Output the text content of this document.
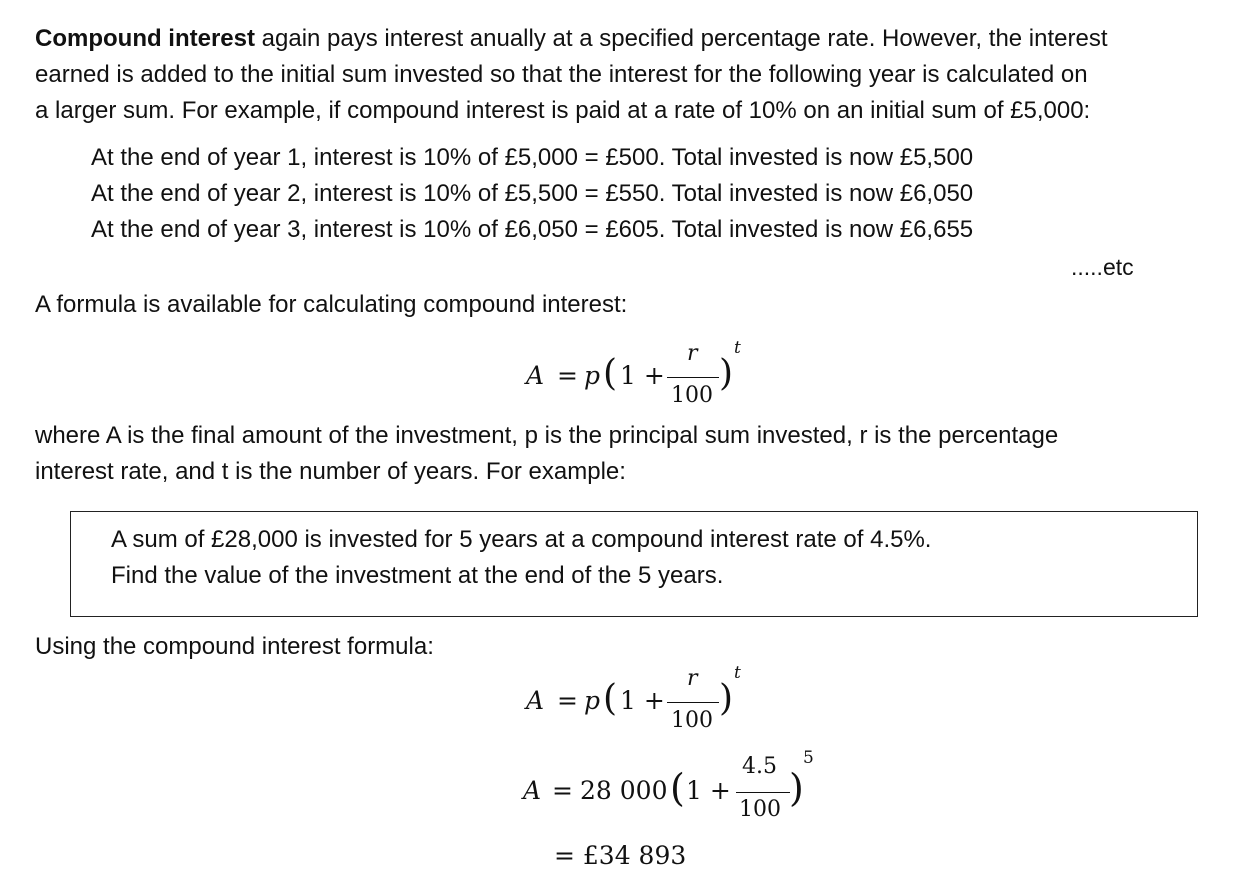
Compound interest again pays interest anually at a specified percentage rate. However, the interest
earned is added to the initial sum invested so that the interest for the following year is calculated on
a larger sum. For example, if compound interest is paid at a rate of 10% on an initial sum of £5,000:
At the end of year 1, interest is 10% of £5,000 = £500. Total invested is now £5,500
At the end of year 2, interest is 10% of £5,500 = £550. Total invested is now £6,050
At the end of year 3, interest is 10% of £6,050 = £605. Total invested is now £6,655
.....etc
A formula is available for calculating compound interest:
A = p ( 1 +
r
100
)
t
where A is the final amount of the investment, p is the principal sum invested, r is the percentage
interest rate, and t is the number of years. For example:
A sum of £28,000 is invested for 5 years at a compound interest rate of 4.5%.
Find the value of the investment at the end of the 5 years.
Using the compound interest formula:
A = p ( 1 +
r
100
)
t
A = 28 000 ( 1 +
4.5
100 )
5
= £34 893
